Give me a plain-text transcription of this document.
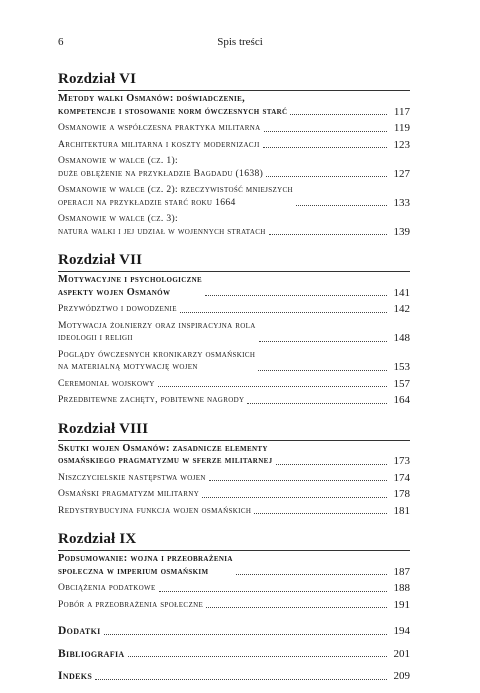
6	Spis treści
Rozdział VI
Metody walki Osmanów: doświadczenie,
kompetencje i stosowanie norm ówczesnych starć	117
Osmanowie a współczesna praktyka militarna	119
Architektura militarna i koszty modernizacji	123
Osmanowie w walce (cz. 1):
duże oblężenie na przykładzie Bagdadu (1638)	127
Osmanowie w walce (cz. 2): rzeczywistość mniejszych
operacji na przykładzie starć roku 1664	133
Osmanowie w walce (cz. 3):
natura walki i jej udział w wojennych stratach	139
Rozdział VII
Motywacyjne i psychologiczne
aspekty wojen Osmanów	141
Przywództwo i dowodzenie	142
Motywacja żołnierzy oraz inspiracyjna rola
ideologii i religii	148
Poglądy ówczesnych kronikarzy osmańskich
na materialną motywację wojen	153
Ceremoniał wojskowy	157
Przedbitewne zachęty, pobitewne nagrody	164
Rozdział VIII
Skutki wojen Osmanów: zasadnicze elementy
osmańskiego pragmatyzmu w sferze militarnej	173
Niszczycielskie następstwa wojen	174
Osmański pragmatyzm militarny	178
Redystrybucyjna funkcja wojen osmańskich	181
Rozdział IX
Podsumowanie: wojna i przeobrażenia
społeczna w imperium osmańskim	187
Obciążenia podatkowe	188
Pobór a przeobrażenia społeczne	191
Dodatki	194
Bibliografia	201
Indeks	209
